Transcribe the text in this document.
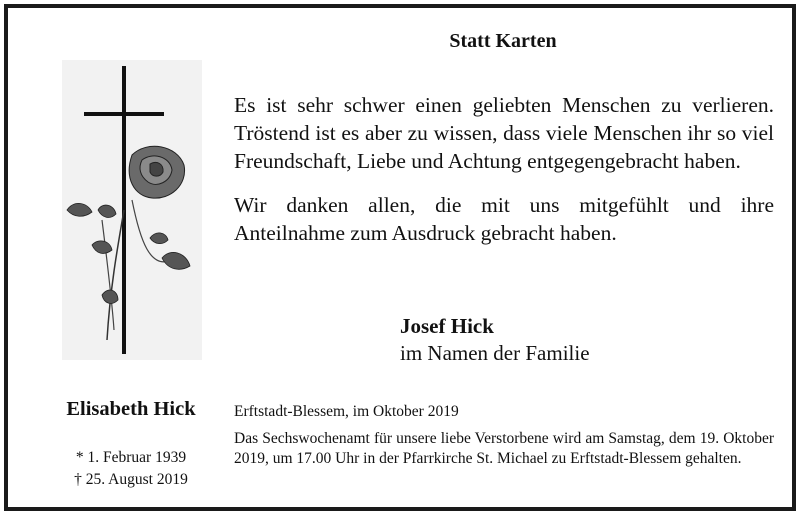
Statt Karten

Es ist sehr schwer einen geliebten Menschen zu verlieren. Tröstend ist es aber zu wissen, dass viele Menschen ihr so viel Freundschaft, Liebe und Achtung entgegengebracht haben.

Wir danken allen, die mit uns mitgefühlt und ihre Anteilnahme zum Ausdruck gebracht haben.

Josef Hick
im Namen der Familie
Elisabeth Hick
* 1. Februar 1939
† 25. August 2019
Erftstadt-Blessem, im Oktober 2019
Das Sechswochenamt für unsere liebe Verstorbene wird am Samstag, dem 19. Oktober 2019, um 17.00 Uhr in der Pfarrkirche St. Michael zu Erftstadt-Blessem gehalten.
